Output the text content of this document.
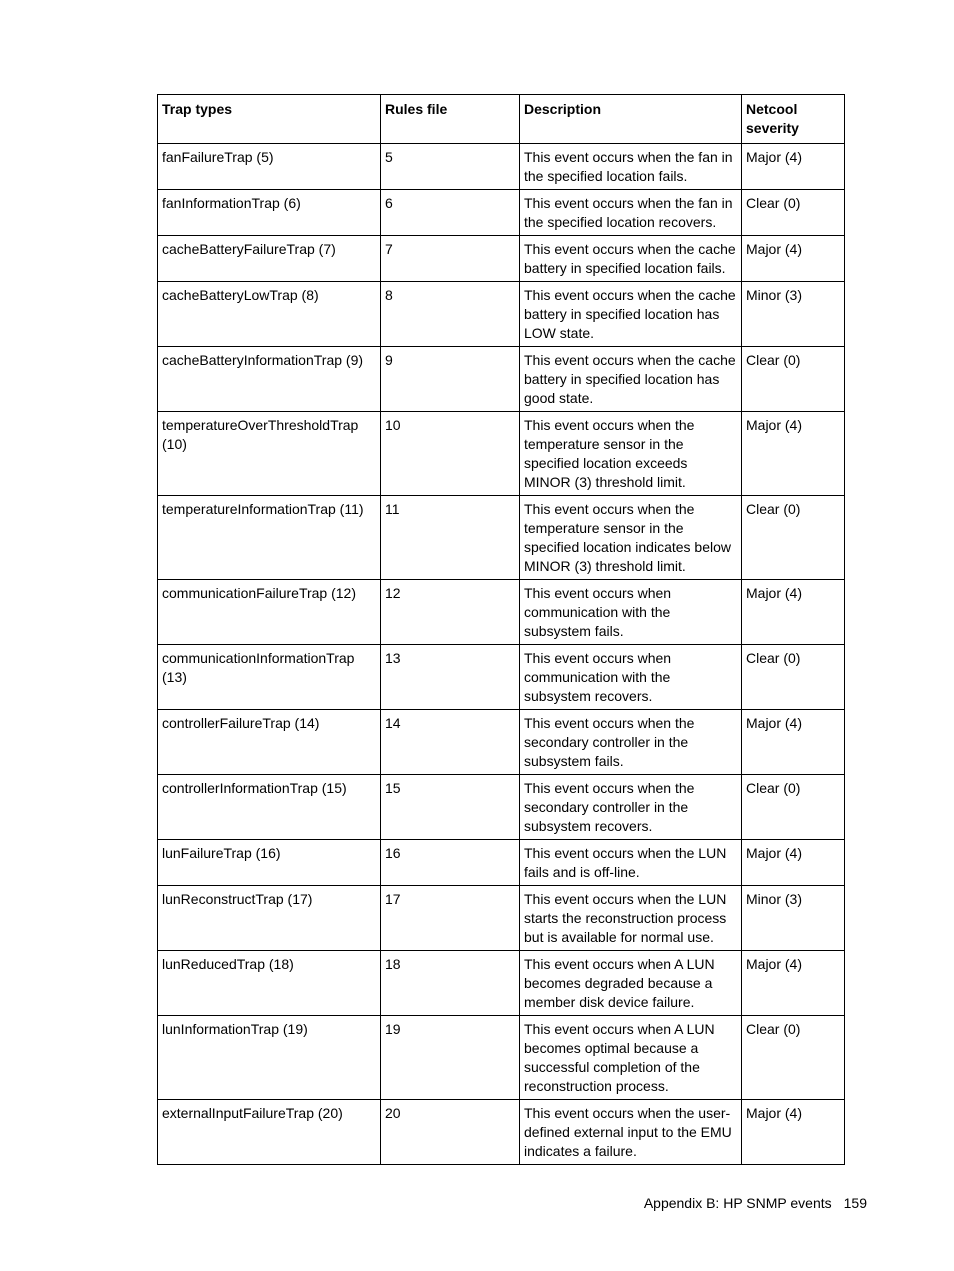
Trap types	Rules file	Description	Netcool severity
fanFailureTrap (5)	5	This event occurs when the fan in the specified location fails.	Major (4)
fanInformationTrap (6)	6	This event occurs when the fan in the specified location recovers.	Clear (0)
cacheBatteryFailureTrap (7)	7	This event occurs when the cache battery in specified location fails.	Major (4)
cacheBatteryLowTrap (8)	8	This event occurs when the cache battery in specified location has LOW state.	Minor (3)
cacheBatteryInformationTrap (9)	9	This event occurs when the cache battery in specified location has good state.	Clear (0)
temperatureOverThresholdTrap (10)	10	This event occurs when the temperature sensor in the specified location exceeds MINOR (3) threshold limit.	Major (4)
temperatureInformationTrap (11)	11	This event occurs when the temperature sensor in the specified location indicates below MINOR (3) threshold limit.	Clear (0)
communicationFailureTrap (12)	12	This event occurs when communication with the subsystem fails.	Major (4)
communicationInformationTrap (13)	13	This event occurs when communication with the subsystem recovers.	Clear (0)
controllerFailureTrap (14)	14	This event occurs when the secondary controller in the subsystem fails.	Major (4)
controllerInformationTrap (15)	15	This event occurs when the secondary controller in the subsystem recovers.	Clear (0)
lunFailureTrap (16)	16	This event occurs when the LUN fails and is off-line.	Major (4)
lunReconstructTrap (17)	17	This event occurs when the LUN starts the reconstruction process but is available for normal use.	Minor (3)
lunReducedTrap (18)	18	This event occurs when A LUN becomes degraded because a member disk device failure.	Major (4)
lunInformationTrap (19)	19	This event occurs when A LUN becomes optimal because a successful completion of the reconstruction process.	Clear (0)
externalInputFailureTrap (20)	20	This event occurs when the user-defined external input to the EMU indicates a failure.	Major (4)
Appendix B: HP SNMP events 159
